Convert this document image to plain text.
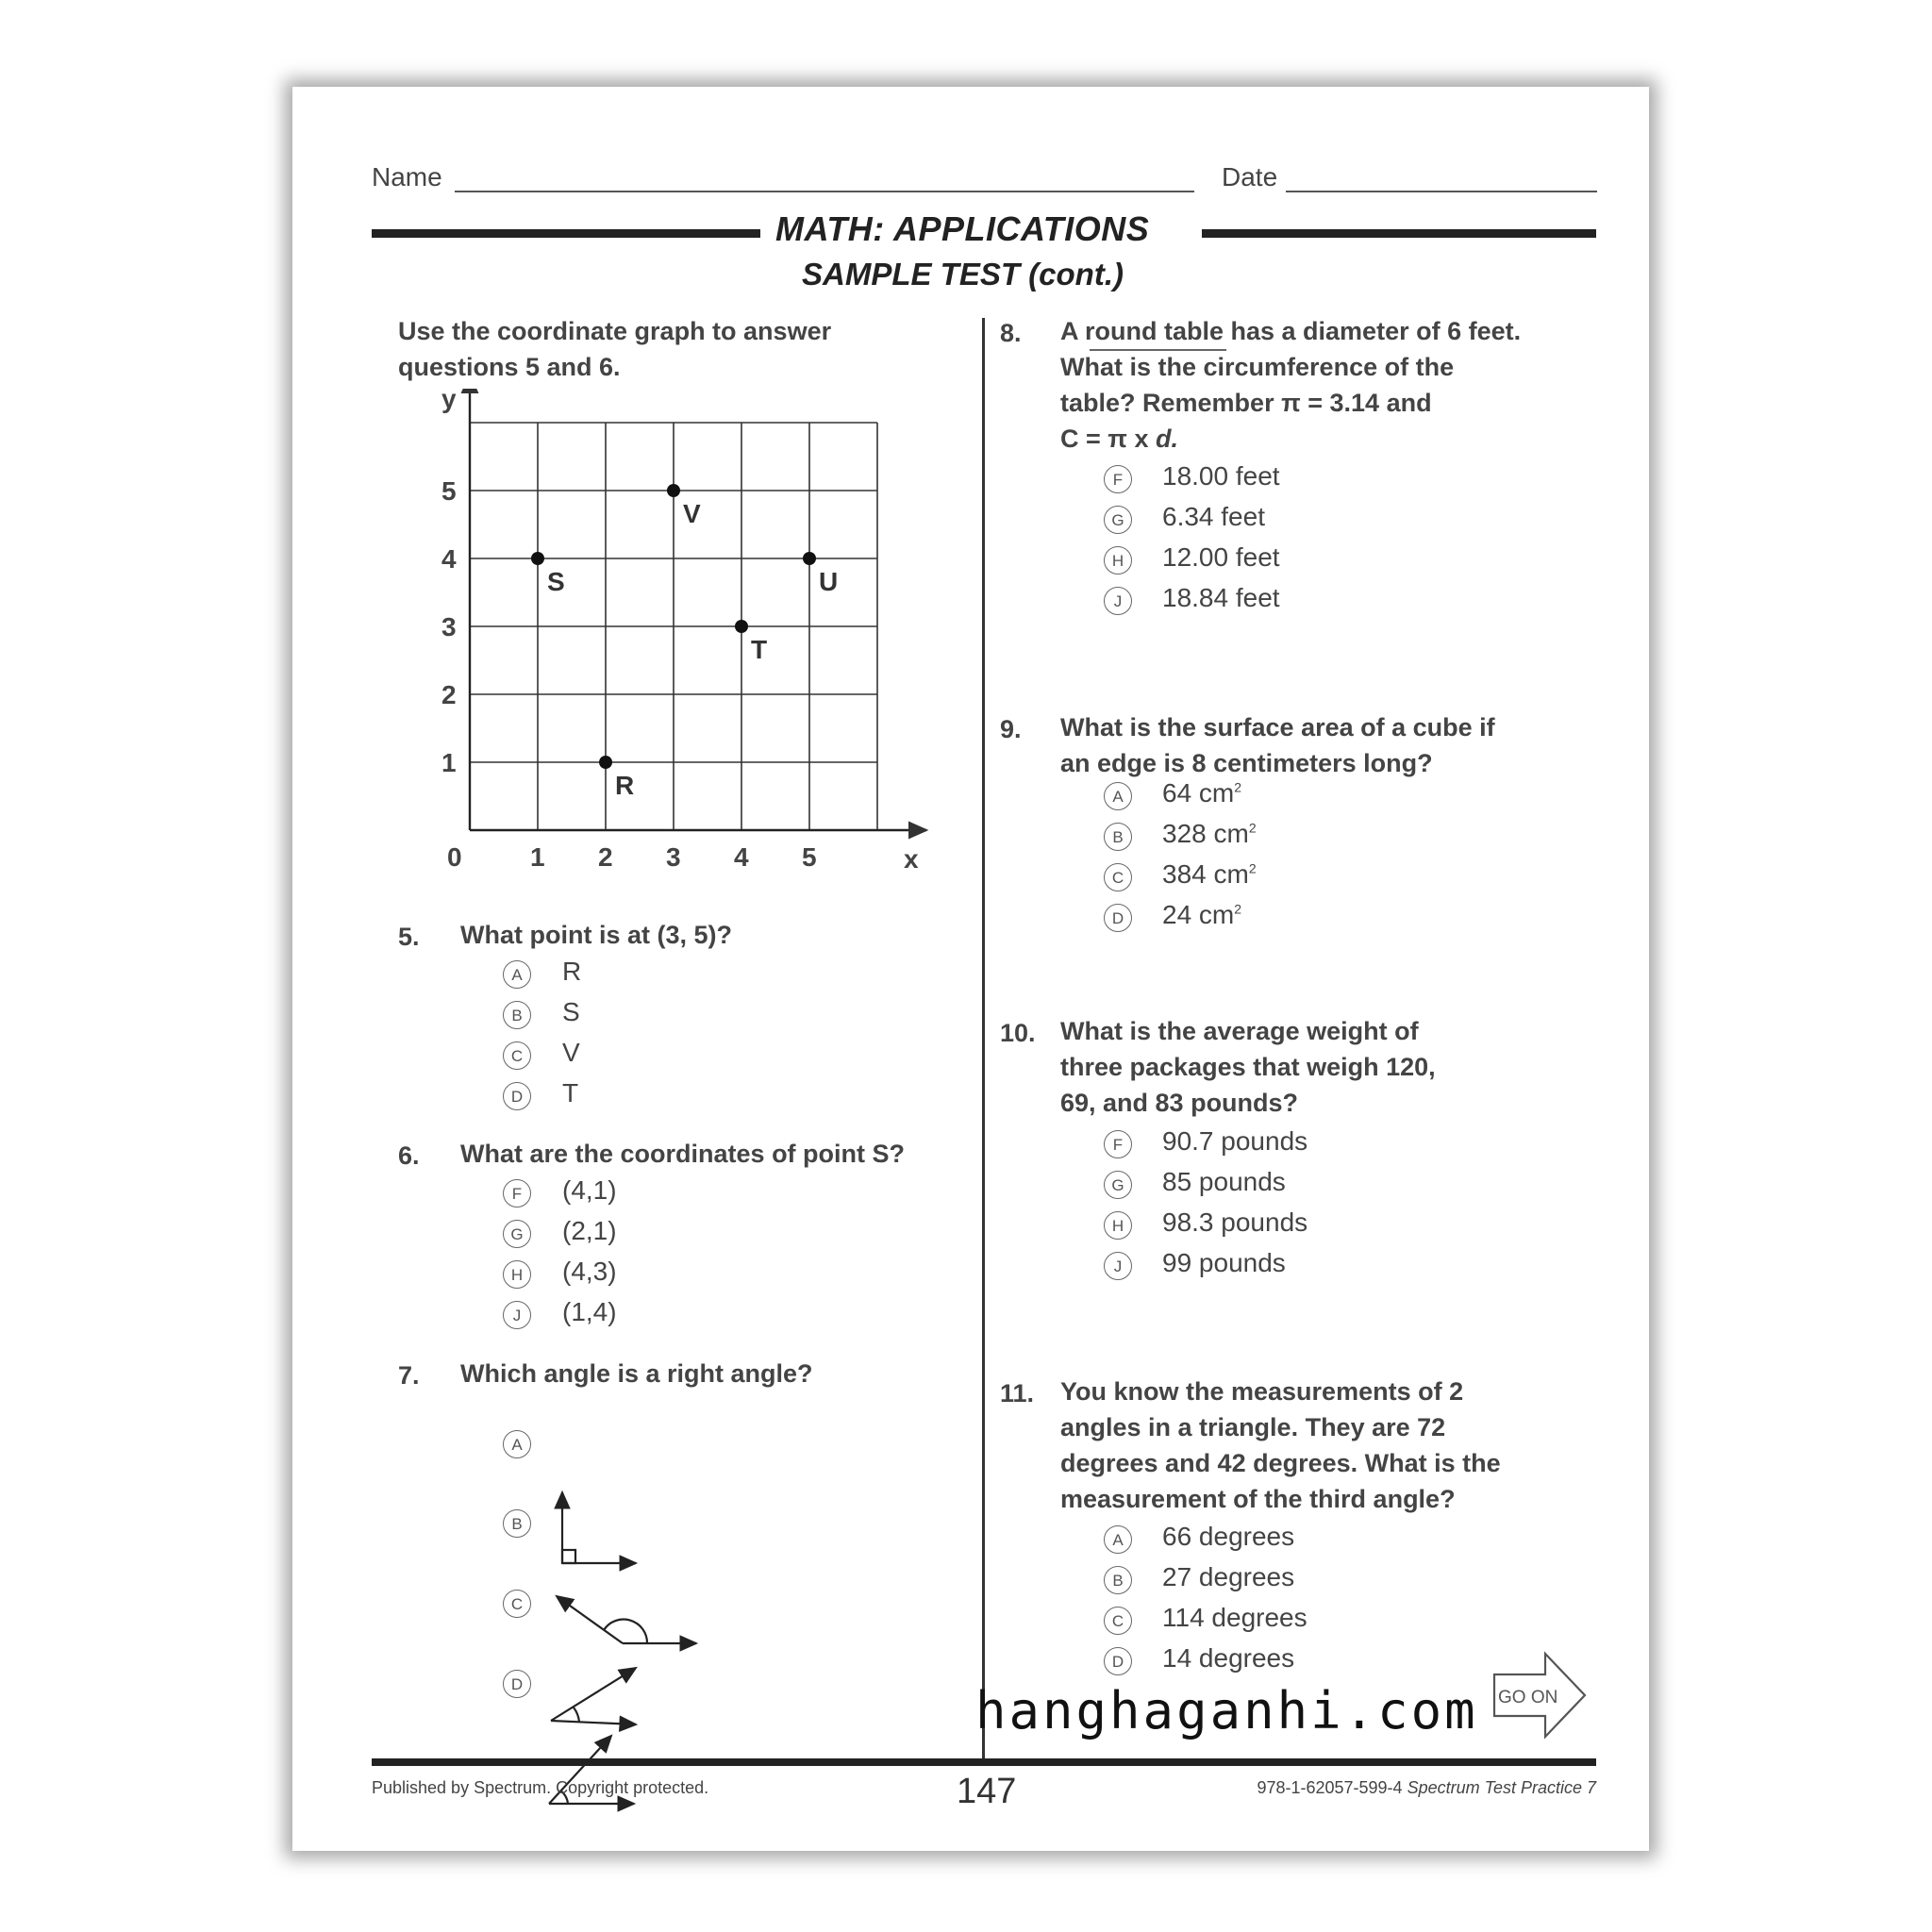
Name	Date
MATH: APPLICATIONS
SAMPLE TEST (cont.)
Use the coordinate graph to answer questions 5 and 6.
0	1 2 3 4 5
1
2
3
4
5
x
y
S
V
U
T
R
5. What point is at (3, 5)?
A	R
B	S
C	V
D	T
6. What are the coordinates of point S?
F	(4,1)
G (2,1)
H	(4,3)
J	(1,4)
7. Which angle is a right angle?
A
B
C
D
8. A round table has a diameter of 6 feet.
What is the circumference of the
table? Remember π = 3.14 and
C = π x d.
F	18.00 feet
G 6.34 feet
H	12.00 feet
J	18.84 feet
9. What is the surface area of a cube if
an edge is 8 centimeters long?
A	64 $cm^2$
B	328 $cm^2$
C	384 $cm^2$
D	24 $cm^2$
10. What is the average weight of
three packages that weigh 120,
69, and 83 pounds?
F	90.7 pounds
G 85 pounds
H	98.3 pounds
J	99 pounds
11. You know the measurements of 2
angles in a triangle. They are 72
degrees and 42 degrees. What is the
measurement of the third angle?
A	66 degrees
B	27 degrees
C	114 degrees
D	14 degrees
GO ON
hanghaganhi.com
Published by Spectrum. Copyright protected.	147	978-1-62057-599-4 Spectrum Test Practice 7
